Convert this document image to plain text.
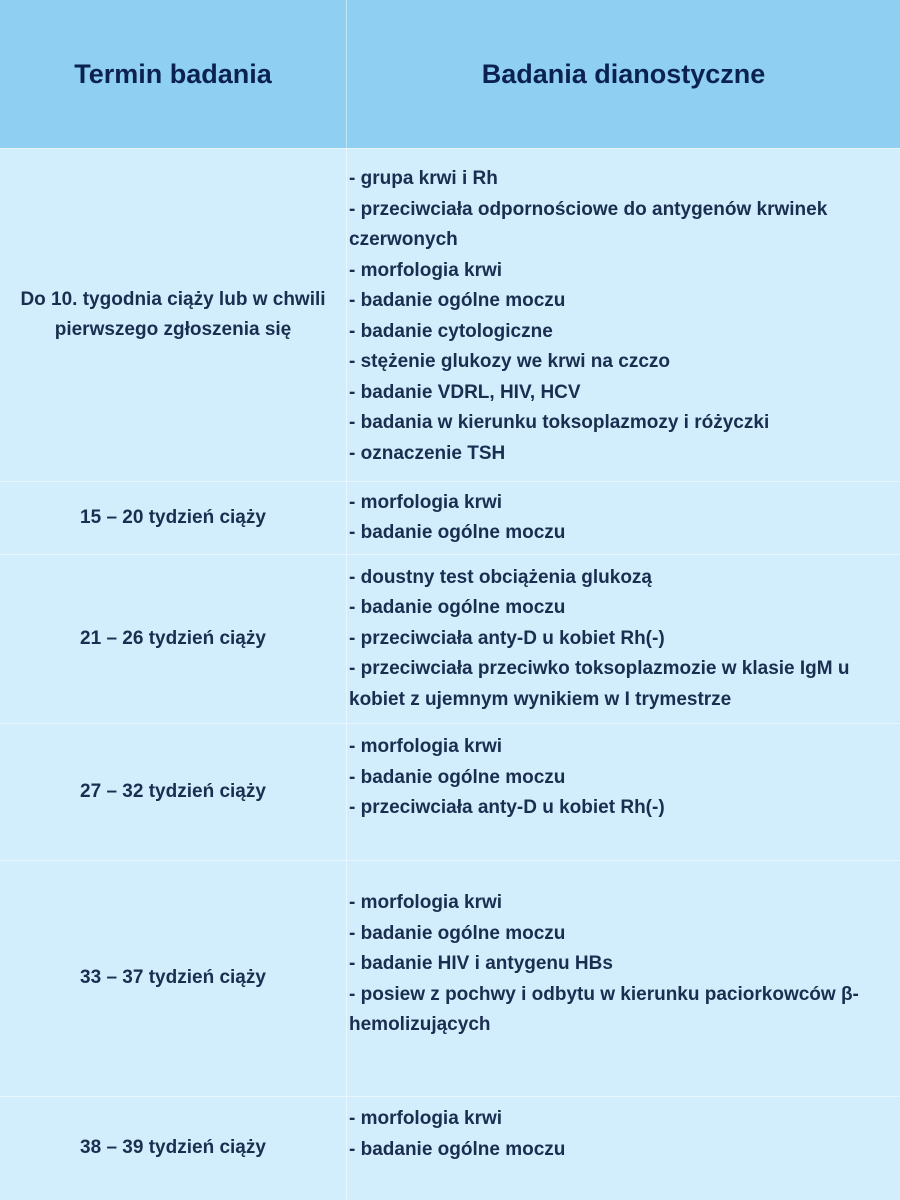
Termin badania	Badania dianostyczne
Do 10. tygodnia ciąży lub w chwili pierwszego zgłoszenia się
- grupa krwi i Rh
- przeciwciała odpornościowe do antygenów krwinek czerwonych
- morfologia krwi
- badanie ogólne moczu
- badanie cytologiczne
- stężenie glukozy we krwi na czczo
- badanie VDRL, HIV, HCV
- badania w kierunku toksoplazmozy i różyczki
- oznaczenie TSH
15 – 20 tydzień ciąży
- morfologia krwi
- badanie ogólne moczu
21 – 26 tydzień ciąży
- doustny test obciążenia glukozą
- badanie ogólne moczu
- przeciwciała anty-D u kobiet Rh(-)
- przeciwciała przeciwko toksoplazmozie w klasie IgM u kobiet z ujemnym wynikiem w I trymestrze
27 – 32 tydzień ciąży
- morfologia krwi
- badanie ogólne moczu
- przeciwciała anty-D u kobiet Rh(-)
33 – 37 tydzień ciąży
- morfologia krwi
- badanie ogólne moczu
- badanie HIV i antygenu HBs
- posiew z pochwy i odbytu w kierunku paciorkowców β-hemolizujących
38 – 39 tydzień ciąży
- morfologia krwi
- badanie ogólne moczu
